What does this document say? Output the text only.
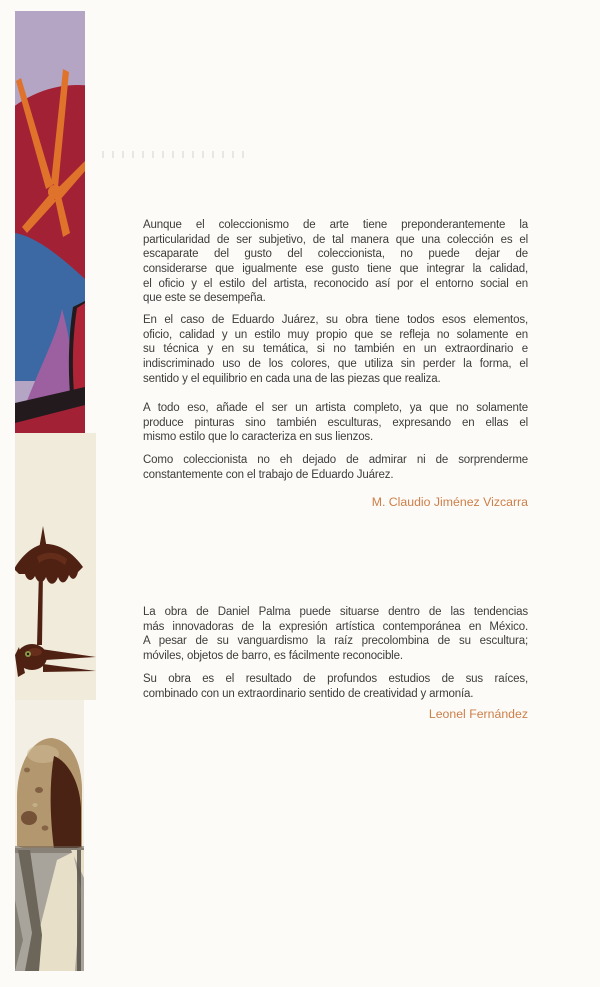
Aunque el coleccionismo de arte tiene preponderantemente la
particularidad de ser subjetivo, de tal manera que una colección es el
escaparate del gusto del coleccionista, no puede dejar de
considerarse que igualmente ese gusto tiene que integrar la calidad,
el oficio y el estilo del artista, reconocido así por el entorno social en
que este se desempeña.
En el caso de Eduardo Juárez, su obra tiene todos esos elementos,
oficio, calidad y un estilo muy propio que se refleja no solamente en
su técnica y en su temática, si no también en un extraordinario e
indiscriminado uso de los colores, que utiliza sin perder la forma, el
sentido y el equilibrio en cada una de las piezas que realiza.
A todo eso, añade el ser un artista completo, ya que no solamente
produce pinturas sino también esculturas, expresando en ellas el
mismo estilo que lo caracteriza en sus lienzos.
Como coleccionista no eh dejado de admirar ni de sorprenderme
constantemente con el trabajo de Eduardo Juárez.
M. Claudio Jiménez Vizcarra
La obra de Daniel Palma puede situarse dentro de las tendencias
más innovadoras de la expresión artística contemporánea en México.
A pesar de su vanguardismo la raíz precolombina de su escultura;
móviles, objetos de barro, es fácilmente reconocible.
Su obra es el resultado de profundos estudios de sus raíces,
combinado con un extraordinario sentido de creatividad y armonía.
Leonel Fernández
